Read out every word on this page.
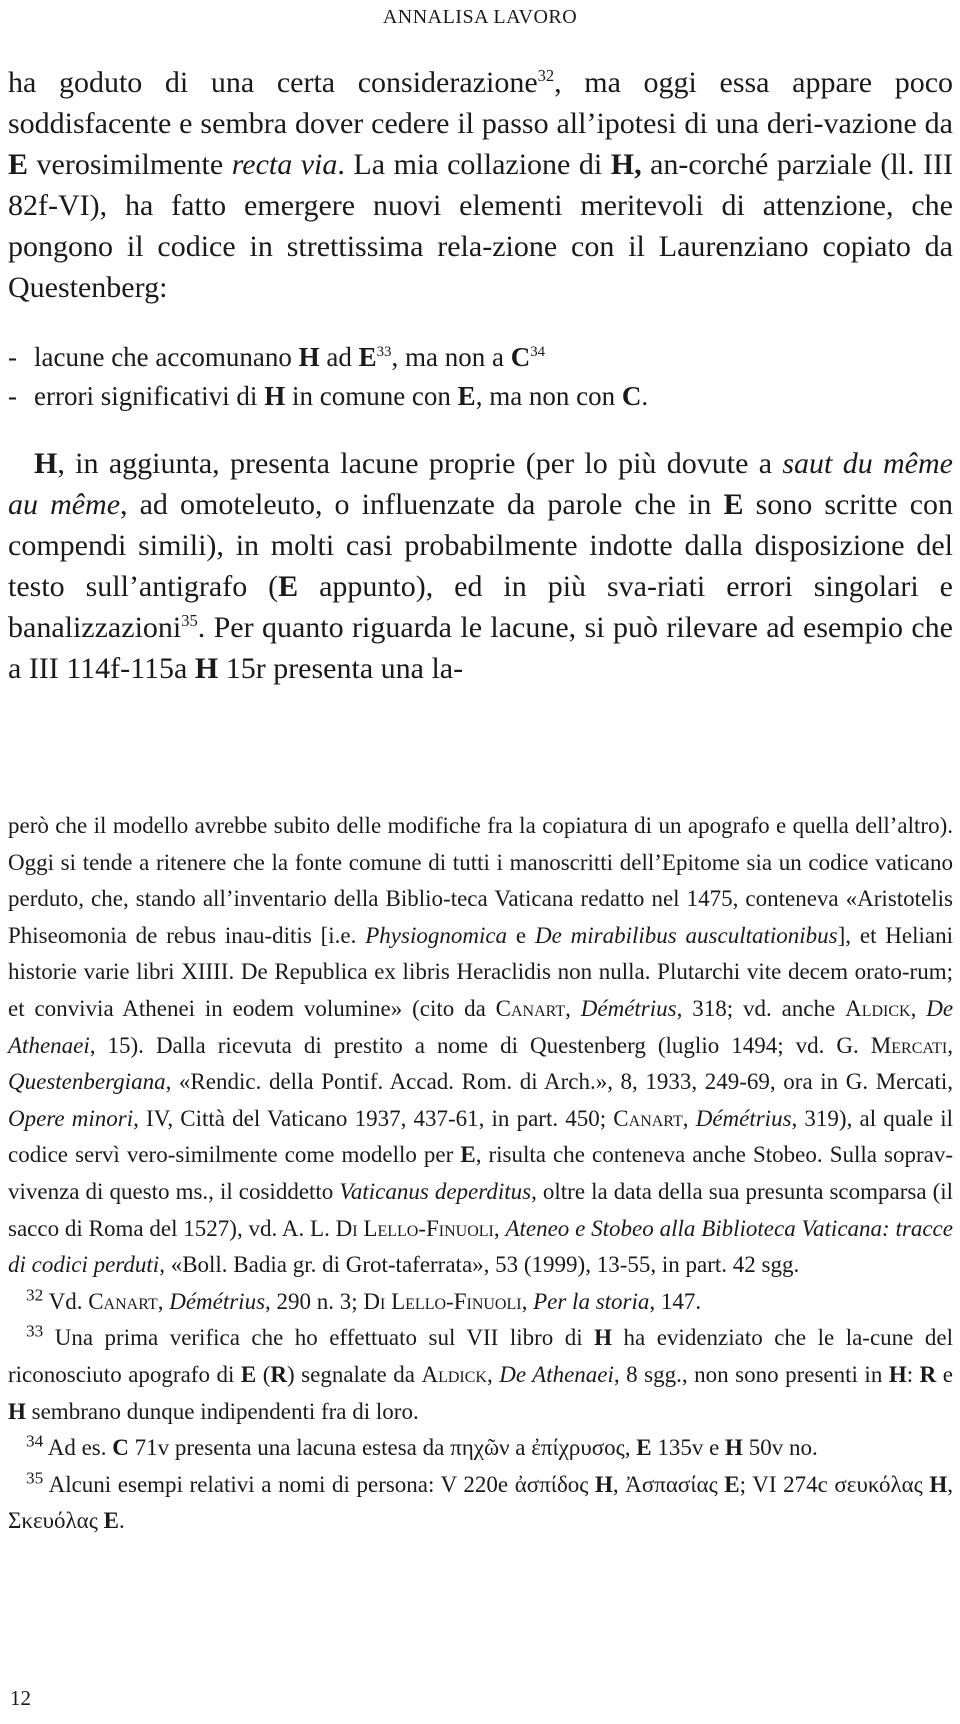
ANNALISA LAVORO

ha goduto di una certa considerazione$^{32}$, ma oggi essa appare poco soddisfacente e sembra dover cedere il passo all’ipotesi di una deri-vazione da E verosimilmente recta via. La mia collazione di H, an-corché parziale (ll. III 82f-VI), ha fatto emergere nuovi elementi meritevoli di attenzione, che pongono il codice in strettissima rela-zione con il Laurenziano copiato da Questenberg:

- lacune che accomunano H ad $E^{33}$, ma non a $C^{34}$
- errori significativi di H in comune con E, ma non con C.

H, in aggiunta, presenta lacune proprie (per lo più dovute a saut du même au même, ad omoteleuto, o influenzate da parole che in E sono scritte con compendi simili), in molti casi probabilmente indotte dalla disposizione del testo sull’antigrafo (E appunto), ed in più sva-riati errori singolari e banalizzazioni$^{35}$. Per quanto riguarda le lacune, si può rilevare ad esempio che a III 114f-115a H 15r presenta una la-

però che il modello avrebbe subito delle modifiche fra la copiatura di un apografo e quella dell’altro). Oggi si tende a ritenere che la fonte comune di tutti i manoscritti dell’Epitome sia un codice vaticano perduto, che, stando all’inventario della Biblio-teca Vaticana redatto nel 1475, conteneva «Aristotelis Phiseomonia de rebus inau-ditis [i.e. Physiognomica e De mirabilibus auscultationibus], et Heliani historie varie libri XIIII. De Republica ex libris Heraclidis non nulla. Plutarchi vite decem orato-rum; et convivia Athenei in eodem volumine» (cito da Canart, Démétrius, 318; vd. anche Aldick, De Athenaei, 15). Dalla ricevuta di prestito a nome di Questenberg (luglio 1494; vd. G. Mercati, Questenbergiana, «Rendic. della Pontif. Accad. Rom. di Arch.», 8, 1933, 249-69, ora in G. Mercati, Opere minori, IV, Città del Vaticano 1937, 437-61, in part. 450; Canart, Démétrius, 319), al quale il codice servì vero-similmente come modello per E, risulta che conteneva anche Stobeo. Sulla soprav-vivenza di questo ms., il cosiddetto Vaticanus deperditus, oltre la data della sua presunta scomparsa (il sacco di Roma del 1527), vd. A. L. Di Lello-Finuoli, Ateneo e Stobeo alla Biblioteca Vaticana: tracce di codici perduti, «Boll. Badia gr. di Grot-taferrata», 53 (1999), 13-55, in part. 42 sgg.

$^{32}$ Vd. Canart, Démétrius, 290 n. 3; Di Lello-Finuoli, Per la storia, 147.

$^{33}$ Una prima verifica che ho effettuato sul VII libro di H ha evidenziato che le la-cune del riconosciuto apografo di E (R) segnalate da Aldick, De Athenaei, 8 sgg., non sono presenti in H: R e H sembrano dunque indipendenti fra di loro.

$^{34}$ Ad es. C 71v presenta una lacuna estesa da πηχῶν a ἐπίχρυσος, E 135v e H 50v no.

$^{35}$ Alcuni esempi relativi a nomi di persona: V 220e ἀσπίδος H, Ἀσπασίας E; VI 274c σευκόλας H, Σκευόλας E.

12
